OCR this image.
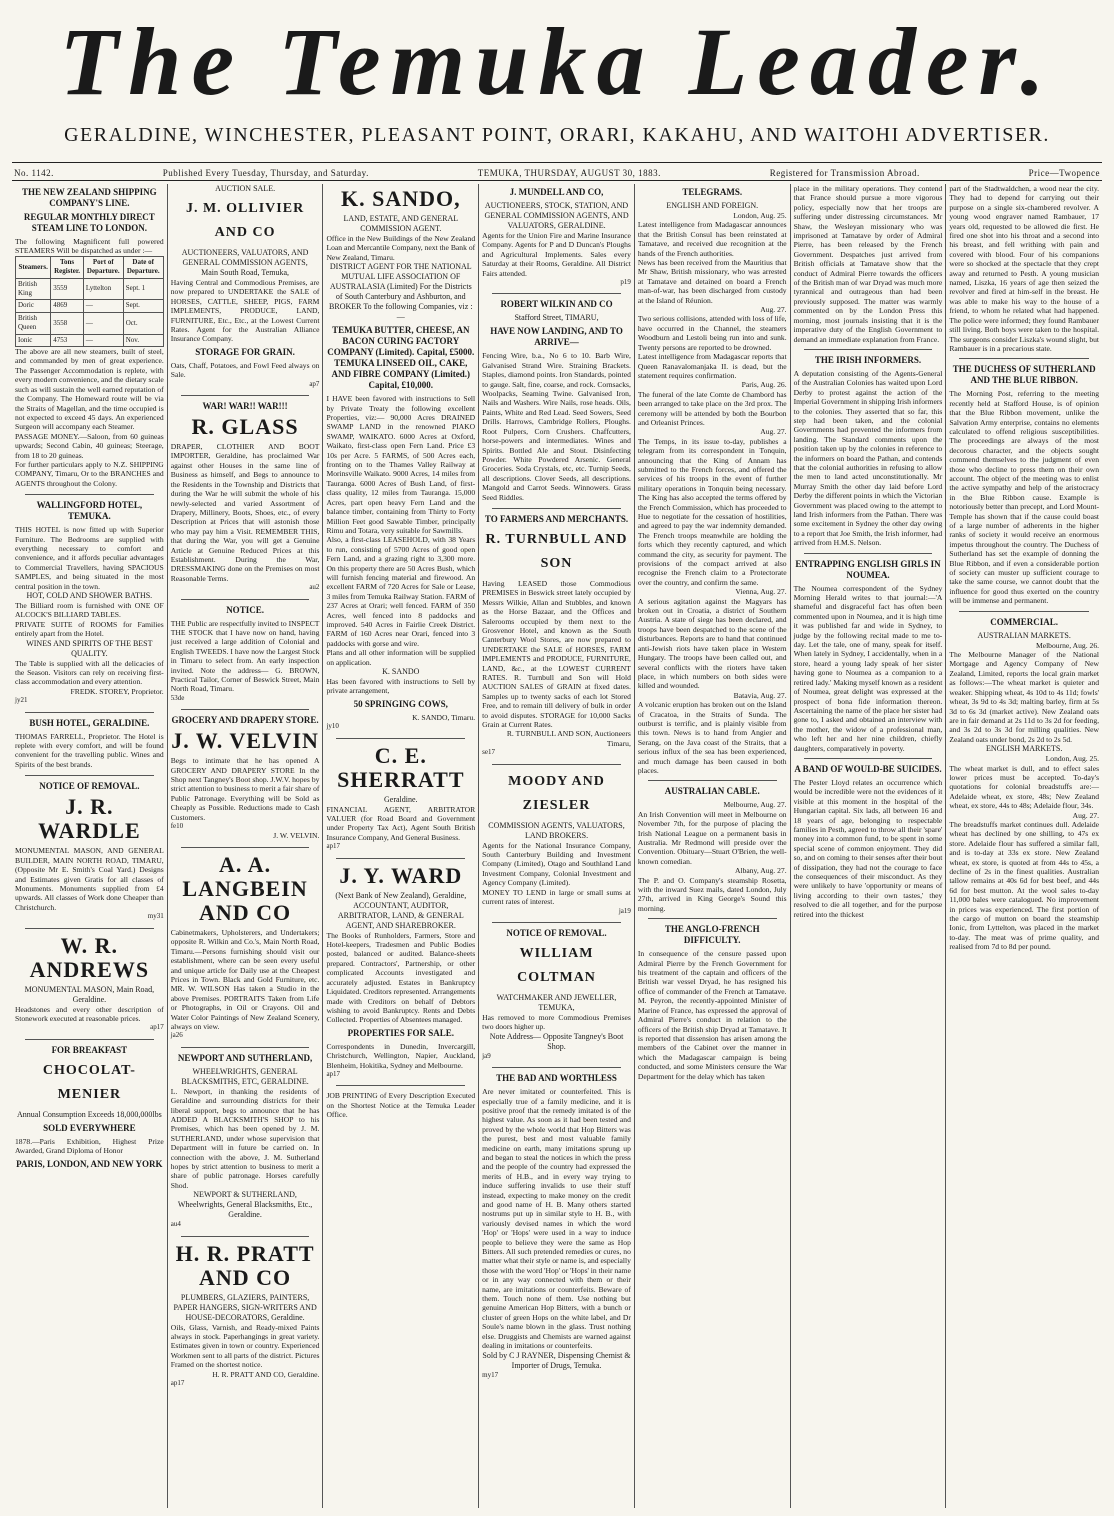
The Temuka Leader.
GERALDINE, WINCHESTER, PLEASANT POINT, ORARI, KAKAHU, AND WAITOHI ADVERTISER.
No. 1142.	Published Every Tuesday, Thursday, and Saturday.	TEMUKA, THURSDAY, AUGUST 30, 1883.	Registered for Transmission Abroad.	Price—Twopence
THE NEW ZEALAND SHIPPING COMPANY'S LINE.
REGULAR MONTHLY DIRECT STEAM LINE TO LONDON.
The following Magnificent full powered STEAMERS Will be dispatched as under :—
Steamers.	Tons Register.	Port of Departure.	Date of Departure.
British King	3559	Lyttelton	Sept. 1
Doric	4869	—	Sept.
British Queen	3558	—	Oct.
Ionic	4753	—	Nov.
The above are all new steamers, built of steel, and commanded by men of great experience. The Passenger Accommodation is replete, with every modern convenience, and the dietary scale such as will sustain the well earned reputation of the Company. The Homeward route will be via the Straits of Magellan, and the time occupied is not expected to exceed 45 days. An experienced Surgeon will accompany each Steamer.
PASSAGE MONEY.—Saloon, from 60 guineas upwards; Second Cabin, 40 guineas; Steerage, from 18 to 20 guineas.
For further particulars apply to N.Z. SHIPPING COMPANY, Timaru, Or to the BRANCHES and AGENTS throughout the Colony.
WALLINGFORD HOTEL, TEMUKA.
THIS HOTEL is now fitted up with Superior Furniture. The Bedrooms are supplied with everything necessary to comfort and convenience, and it affords peculiar advantages to Commercial Travellers, having SPACIOUS SAMPLES, and being situated in the most central position in the town.
HOT, COLD AND SHOWER BATHS.
The Billiard room is furnished with ONE OF ALCOCK'S BILLIARD TABLES.
PRIVATE SUITE of ROOMS for Families entirely apart from the Hotel.
WINES AND SPIRITS OF THE BEST QUALITY.
The Table is supplied with all the delicacies of the Season. Visitors can rely on receiving first-class accommodation and every attention.
FREDK. STOREY, Proprietor.
jy21
BUSH HOTEL, GERALDINE.
THOMAS FARRELL, Proprietor. The Hotel is replete with every comfort, and will be found convenient for the travelling public. Wines and Spirits of the best brands.
NOTICE OF REMOVAL.
J. R. WARDLE
MONUMENTAL MASON, AND GENERAL BUILDER, MAIN NORTH ROAD, TIMARU, (Opposite Mr E. Smith's Coal Yard.) Designs and Estimates given Gratis for all classes of Monuments. Monuments supplied from £4 upwards. All classes of Work done Cheaper than Christchurch.
my31
W. R. ANDREWS
MONUMENTAL MASON, Main Road, Geraldine.
Headstones and every other description of Stonework executed at reasonable prices.
ap17
FOR BREAKFAST
CHOCOLAT-MENIER
Annual Consumption Exceeds 18,000,000lbs
SOLD EVERYWHERE
1878.—Paris Exhibition, Highest Prize Awarded, Grand Diploma of Honor
PARIS, LONDON, AND NEW YORK
AUCTION SALE.
J. M. OLLIVIER AND CO
AUCTIONEERS, VALUATORS, AND GENERAL COMMISSION AGENTS,
Main South Road, Temuka,
Having Central and Commodious Premises, are now prepared to UNDERTAKE the SALE of HORSES, CATTLE, SHEEP, PIGS, FARM IMPLEMENTS, PRODUCE, LAND, FURNITURE, Etc., Etc., at the Lowest Current Rates. Agent for the Australian Alliance Insurance Company.
STORAGE FOR GRAIN.
Oats, Chaff, Potatoes, and Fowl Feed always on Sale.
ap7
WAR! WAR!! WAR!!!
R. GLASS
DRAPER, CLOTHIER AND BOOT IMPORTER, Geraldine, has proclaimed War against other Houses in the same line of Business as himself, and Begs to announce to the Residents in the Township and Districts that during the War he will submit the whole of his newly-selected and varied Assortment of Drapery, Millinery, Boots, Shoes, etc., of every Description at Prices that will astonish those who may pay him a Visit. REMEMBER THIS, that during the War, you will get a Genuine Article at Genuine Reduced Prices at this Establishment. During the War, DRESSMAKING done on the Premises on most Reasonable Terms.
au2
NOTICE.
THE Public are respectfully invited to INSPECT THE STOCK that I have now on hand, having just received a large addition of Colonial and English TWEEDS. I have now the Largest Stock in Timaru to select from. An early inspection invited. Note the address— G. BROWN, Practical Tailor, Corner of Beswick Street, Main North Road, Timaru.
53de
GROCERY AND DRAPERY STORE.
J. W. VELVIN
Begs to intimate that he has opened A GROCERY AND DRAPERY STORE In the Shop next Tangney's Boot shop. J.W.V. hopes by strict attention to business to merit a fair share of Public Patronage. Everything will be Sold as Cheaply as Possible. Reductions made to Cash Customers.
fe10
J. W. VELVIN.
A. A. LANGBEIN AND CO
Cabinetmakers, Upholsterers, and Undertakers; opposite R. Wilkin and Co.'s, Main North Road, Timaru.—Persons furnishing should visit our establishment, where can be seen every useful and unique article for Daily use at the Cheapest Prices in Town. Black and Gold Furniture, etc. MR. W. WILSON Has taken a Studio in the above Premises. PORTRAITS Taken from Life or Photographs, in Oil or Crayons. Oil and Water Color Paintings of New Zealand Scenery, always on view.
ja26
NEWPORT AND SUTHERLAND,
WHEELWRIGHTS, GENERAL BLACKSMITHS, ETC, GERALDINE.
L. Newport, in thanking the residents of Geraldine and surrounding districts for their liberal support, begs to announce that he has ADDED A BLACKSMITH'S SHOP to his Premises, which has been opened by J. M. SUTHERLAND, under whose supervision that Department will in future be carried on. In connection with the above, J. M. Sutherland hopes by strict attention to business to merit a share of public patronage. Horses carefully Shod.
NEWPORT & SUTHERLAND, Wheelwrights, General Blacksmiths, Etc., Geraldine.
au4
H. R. PRATT AND CO
PLUMBERS, GLAZIERS, PAINTERS, PAPER HANGERS, SIGN-WRITERS AND HOUSE-DECORATORS, Geraldine.
Oils, Glass, Varnish, and Ready-mixed Paints always in stock. Paperhangings in great variety. Estimates given in town or country. Experienced Workmen sent to all parts of the district. Pictures Framed on the shortest notice.
H. R. PRATT AND CO, Geraldine.
ap17
K. SANDO,
LAND, ESTATE, AND GENERAL COMMISSION AGENT.
Office in the New Buildings of the New Zealand Loan and Mercantile Company, next the Bank of New Zealand, Timaru.
DISTRICT AGENT FOR THE NATIONAL MUTUAL LIFE ASSOCIATION OF AUSTRALASIA (Limited) For the Districts of South Canterbury and Ashburton, and BROKER To the following Companies, viz :—
TEMUKA BUTTER, CHEESE, AN BACON CURING FACTORY COMPANY (Limited). Capital, £5000. TEMUKA LINSEED OIL, CAKE, AND FIBRE COMPANY (Limited.) Capital, £10,000.
I HAVE been favored with instructions to Sell by Private Treaty the following excellent Properties, viz:— 90,000 Acres DRAINED SWAMP LAND in the renowned PIAKO SWAMP, WAIKATO. 6000 Acres at Oxford, Waikato, first-class open Fern Land. Price £3 10s per Acre. 5 FARMS, of 500 Acres each, fronting on to the Thames Valley Railway at Morinsville Waikato. 9000 Acres, 14 miles from Tauranga. 6000 Acres of Bush Land, of first-class quality, 12 miles from Tauranga. 15,000 Acres, part open heavy Fern Land and the balance timber, containing from Thirty to Forty Million Feet good Sawable Timber, principally Rimu and Totara, very suitable for Sawmills.
Also, a first-class LEASEHOLD, with 38 Years to run, consisting of 5700 Acres of good open Fern Land, and a grazing right to 3,300 more. On this property there are 50 Acres Bush, which will furnish fencing material and firewood. An excellent FARM of 720 Acres for Sale or Lease, 3 miles from Temuka Railway Station. FARM of 237 Acres at Orari; well fenced. FARM of 350 Acres, well fenced into 8 paddocks and improved. 540 Acres in Fairlie Creek District. FARM of 160 Acres near Orari, fenced into 3 paddocks with gorse and wire.
Plans and all other information will be supplied on application.
K. SANDO
Has been favored with instructions to Sell by private arrangement,
50 SPRINGING COWS,
K. SANDO, Timaru.
jy10
C. E. SHERRATT
Geraldine.
FINANCIAL AGENT, ARBITRATOR VALUER (for Road Board and Government under Property Tax Act), Agent South British Insurance Company, And General Business.
ap17
J. Y. WARD
(Next Bank of New Zealand), Geraldine, ACCOUNTANT, AUDITOR, ARBITRATOR, LAND, & GENERAL AGENT, AND SHAREBROKER.
The Books of Runholders, Farmers, Store and Hotel-keepers, Tradesmen and Public Bodies posted, balanced or audited. Balance-sheets prepared. Contractors', Partnership, or other complicated Accounts investigated and accurately adjusted. Estates in Bankruptcy Liquidated. Creditors represented. Arrangements made with Creditors on behalf of Debtors wishing to avoid Bankruptcy. Rents and Debts Collected. Properties of Absentees managed.
PROPERTIES FOR SALE.
Correspondents in Dunedin, Invercargill, Christchurch, Wellington, Napier, Auckland, Blenheim, Hokitika, Sydney and Melbourne.
ap17
JOB PRINTING of Every Description Executed on the Shortest Notice at the Temuka Leader Office.
J. MUNDELL AND CO,
AUCTIONEERS, STOCK, STATION, AND GENERAL COMMISSION AGENTS, AND VALUATORS, GERALDINE.
Agents for the Union Fire and Marine Insurance Company. Agents for P and D Duncan's Ploughs and Agricultural Implements. Sales every Saturday at their Rooms, Geraldine. All District Fairs attended.
p19
ROBERT WILKIN AND CO
Stafford Street, TIMARU,
HAVE NOW LANDING, AND TO ARRIVE—
Fencing Wire, b.a., No 6 to 10. Barb Wire, Galvanised Strand Wire. Straining Brackets. Staples, diamond points. Iron Standards, pointed to gauge. Salt, fine, coarse, and rock. Cornsacks, Woolpacks, Seaming Twine. Galvanised Iron, Nails and Washers. Wire Nails, rose heads. Oils, Paints, White and Red Lead. Seed Sowers, Seed Drills. Harrows, Cambridge Rollers, Ploughs. Root Pulpers, Corn Crushers. Chaffcutters, horse-powers and intermediates. Wines and Spirits. Bottled Ale and Stout. Disinfecting Powder. White Powdered Arsenic. General Groceries. Soda Crystals, etc, etc. Turnip Seeds, all descriptions. Clover Seeds, all descriptions. Mangold and Carrot Seeds. Winnowers. Grass Seed Riddles.
TO FARMERS AND MERCHANTS.
R. TURNBULL AND SON
Having LEASED those Commodious PREMISES in Beswick street lately occupied by Messrs Wilkie, Allan and Stubbles, and known as the Horse Bazaar, and the Offices and Salerooms occupied by them next to the Grosvenor Hotel, and known as the South Canterbury Wool Stores, are now prepared to UNDERTAKE the SALE of HORSES, FARM IMPLEMENTS and PRODUCE, FURNITURE, LAND, &c., at the LOWEST CURRENT RATES. R. Turnbull and Son will Hold AUCTION SALES of GRAIN at fixed dates. Samples up to twenty sacks of each lot Stored Free, and to remain till delivery of bulk in order to avoid disputes. STORAGE for 10,000 Sacks Grain at Current Rates.
R. TURNBULL AND SON, Auctioneers Timaru,
se17
MOODY AND ZIESLER
COMMISSION AGENTS, VALUATORS, LAND BROKERS.
Agents for the National Insurance Company, South Canterbury Building and Investment Company (Limited), Otago and Southland Land Investment Company, Colonial Investment and Agency Company (Limited).
MONEY TO LEND in large or small sums at current rates of interest.
ja19
NOTICE OF REMOVAL.
WILLIAM COLTMAN
WATCHMAKER AND JEWELLER, TEMUKA,
Has removed to more Commodious Premises two doors higher up.
Note Address— Opposite Tangney's Boot Shop.
ja9
THE BAD AND WORTHLESS
Are never imitated or counterfeited. This is especially true of a family medicine, and it is positive proof that the remedy imitated is of the highest value. As soon as it had been tested and proved by the whole world that Hop Bitters was the purest, best and most valuable family medicine on earth, many imitations sprung up and began to steal the notices in which the press and the people of the country had expressed the merits of H.B., and in every way trying to induce suffering invalids to use their stuff instead, expecting to make money on the credit and good name of H. B. Many others started nostrums put up in similar style to H. B., with variously devised names in which the word 'Hop' or 'Hops' were used in a way to induce people to believe they were the same as Hop Bitters. All such pretended remedies or cures, no matter what their style or name is, and especially those with the word 'Hop' or 'Hops' in their name or in any way connected with them or their name, are imitations or counterfeits. Beware of them. Touch none of them. Use nothing but genuine American Hop Bitters, with a bunch or cluster of green Hops on the white label, and Dr Soule's name blown in the glass. Trust nothing else. Druggists and Chemists are warned against dealing in imitations or counterfeits.
Sold by C J RAYNER, Dispensing Chemist & Importer of Drugs, Temuka.
my17
TELEGRAMS.
ENGLISH AND FOREIGN.
London, Aug. 25.
Latest intelligence from Madagascar announces that the British Consul has been reinstated at Tamatave, and received due recognition at the hands of the French authorities.
News has been received from the Mauritius that Mr Shaw, British missionary, who was arrested at Tamatave and detained on board a French man-of-war, has been discharged from custody at the Island of Réunion.
Aug. 27.
Two serious collisions, attended with loss of life, have occurred in the Channel, the steamers Woodburn and Lestoli being run into and sunk. Twenty persons are reported to be drowned.
Latest intelligence from Madagascar reports that Queen Ranavalomanjaka II. is dead, but the statement requires confirmation.
Paris, Aug. 26.
The funeral of the late Comte de Chambord has been arranged to take place on the 3rd prox. The ceremony will be attended by both the Bourbon and Orleanist Princes.
Aug. 27.
The Temps, in its issue to-day, publishes a telegram from its correspondent in Tonquin, announcing that the King of Annam has submitted to the French forces, and offered the services of his troops in the event of further military operations in Tonquin being necessary. The King has also accepted the terms offered by the French Commission, which has proceeded to Hue to negotiate for the cessation of hostilities, and agreed to pay the war indemnity demanded. The French troops meanwhile are holding the forts which they recently captured, and which command the city, as security for payment. The provisions of the compact arrived at also recognise the French claim to a Protectorate over the country, and confirm the same.
Vienna, Aug. 27.
A serious agitation against the Magyars has broken out in Croatia, a district of Southern Austria. A state of siege has been declared, and troops have been despatched to the scene of the disturbances. Reports are to hand that continued anti-Jewish riots have taken place in Western Hungary. The troops have been called out, and several conflicts with the rioters have taken place, in which numbers on both sides were killed and wounded.
Batavia, Aug. 27.
A volcanic eruption has broken out on the Island of Cracatoa, in the Straits of Sunda. The outburst is terrific, and is plainly visible from this town. News is to hand from Angier and Serang, on the Java coast of the Straits, that a serious influx of the sea has been experienced, and much damage has been caused in both places.
AUSTRALIAN CABLE.
Melbourne, Aug. 27.
An Irish Convention will meet in Melbourne on November 7th, for the purpose of placing the Irish National League on a permanent basis in Australia. Mr Redmond will preside over the Convention. Obituary—Stuart O'Brien, the well-known comedian.
Albany, Aug. 27.
The P. and O. Company's steamship Rosetta, with the inward Suez mails, dated London, July 27th, arrived in King George's Sound this morning.
THE ANGLO-FRENCH DIFFICULTY.
In consequence of the censure passed upon Admiral Pierre by the French Government for his treatment of the captain and officers of the British war vessel Dryad, he has resigned his office of commander of the French at Tamatave. M. Peyron, the recently-appointed Minister of Marine of France, has expressed the approval of Admiral Pierre's conduct in relation to the officers of the British ship Dryad at Tamatave. It is reported that dissension has arisen among the members of the Cabinet over the manner in which the Madagascar campaign is being conducted, and some Ministers censure the War Department for the delay which has taken
place in the military operations. They contend that France should pursue a more vigorous policy, especially now that her troops are suffering under distressing circumstances. Mr Shaw, the Wesleyan missionary who was imprisoned at Tamatave by order of Admiral Pierre, has been released by the French Government. Despatches just arrived from British officials at Tamatave show that the conduct of Admiral Pierre towards the officers of the British man of war Dryad was much more tyrannical and outrageous than had been previously supposed. The matter was warmly commented on by the London Press this morning, most journals insisting that it is the imperative duty of the English Government to demand an immediate explanation from France.
THE IRISH INFORMERS.
A deputation consisting of the Agents-General of the Australian Colonies has waited upon Lord Derby to protest against the action of the Imperial Government in shipping Irish informers to the colonies. They asserted that so far, this step had been taken, and the colonial Governments had prevented the informers from landing. The Standard comments upon the position taken up by the colonies in reference to the informers on board the Pathan, and contends that the colonial authorities in refusing to allow the men to land acted unconstitutionally. Mr Murray Smith the other day laid before Lord Derby the different points in which the Victorian Government was placed owing to the attempt to land Irish informers from the Pathan. There was some excitement in Sydney the other day owing to a report that Joe Smith, the Irish informer, had arrived from H.M.S. Nelson.
ENTRAPPING ENGLISH GIRLS IN NOUMEA.
The Noumea correspondent of the Sydney Morning Herald writes to that journal:—'A shameful and disgraceful fact has often been commented upon in Noumea, and it is high time it was published far and wide in Sydney, to judge by the following recital made to me to-day. Let the tale, one of many, speak for itself. When lately in Sydney, I accidentally, when in a store, heard a young lady speak of her sister having gone to Noumea as a companion to a retired lady.' Making myself known as a resident of Noumea, great delight was expressed at the prospect of bona fide information thereon. Ascertaining the name of the place her sister had gone to, I asked and obtained an interview with the mother, the widow of a professional man, who left her and her nine children, chiefly daughters, comparatively in poverty.
A BAND OF WOULD-BE SUICIDES.
The Pester Lloyd relates an occurrence which would be incredible were not the evidences of it visible at this moment in the hospital of the Hungarian capital. Six lads, all between 16 and 18 years of age, belonging to respectable families in Pesth, agreed to throw all their 'spare' money into a common fund, to be spent in some special scene of common enjoyment. They did so, and on coming to their senses after their bout of dissipation, they had not the courage to face the consequences of their misconduct. As they were unlikely to have 'opportunity or means of living according to their own tastes,' they resolved to die all together, and for the purpose retired into the thickest
part of the Stadtwaldchen, a wood near the city. They had to depend for carrying out their purpose on a single six-chambered revolver. A young wood engraver named Rambauer, 17 years old, requested to be allowed die first. He fired one shot into his throat and a second into his breast, and fell writhing with pain and covered with blood. Four of his companions were so shocked at the spectacle that they crept away and returned to Pesth. A young musician named, Liszka, 16 years of age then seized the revolver and fired at him-self in the breast. He was able to make his way to the house of a friend, to whom he related what had happened. The police were informed; they found Rambauer still living. Both boys were taken to the hospital. The surgeons consider Liszka's wound slight, but Rambauer is in a precarious state.
THE DUCHESS OF SUTHERLAND AND THE BLUE RIBBON.
The Morning Post, referring to the meeting recently held at Stafford House, is of opinion that the Blue Ribbon movement, unlike the Salvation Army enterprise, contains no elements calculated to offend religious susceptibilities. The proceedings are always of the most decorous character, and the objects sought commend themselves to the judgment of even those who decline to press them on their own account. The object of the meeting was to enlist the active sympathy and help of the aristocracy in the Blue Ribbon cause. Example is notoriously better than precept, and Lord Mount-Temple has shown that if the cause could boast of a large number of adherents in the higher ranks of society it would receive an enormous impetus throughout the country. The Duchess of Sutherland has set the example of donning the Blue Ribbon, and if even a considerable portion of society can muster up sufficient courage to take the same course, we cannot doubt that the influence for good thus exerted on the country will be immense and permanent.
COMMERCIAL.
AUSTRALIAN MARKETS.
Melbourne, Aug. 26.
The Melbourne Manager of the National Mortgage and Agency Company of New Zealand, Limited, reports the local grain market as follows:—The wheat market is quieter and weaker. Shipping wheat, 4s 10d to 4s 11d; fowls' wheat, 3s 9d to 4s 3d; malting barley, firm at 5s 3d to 6s 3d (market active). New Zealand oats are in fair demand at 2s 11d to 3s 2d for feeding, and 3s 2d to 3s 3d for milling qualities. New Zealand oats under bond, 2s 2d to 2s 5d.
ENGLISH MARKETS.
London, Aug. 25.
The wheat market is dull, and to effect sales lower prices must be accepted. To-day's quotations for colonial breadstuffs are:—Adelaide wheat, ex store, 48s; New Zealand wheat, ex store, 44s to 48s; Adelaide flour, 34s.
Aug. 27.
The breadstuffs market continues dull. Adelaide wheat has declined by one shilling, to 47s ex store. Adelaide flour has suffered a similar fall, and is to-day at 33s ex store. New Zealand wheat, ex store, is quoted at from 44s to 45s, a decline of 2s in the finest qualities. Australian tallow remains at 40s 6d for best beef, and 44s 6d for best mutton. At the wool sales to-day 11,000 bales were catalogued. No improvement in prices was experienced. The first portion of the cargo of mutton on board the steamship Ionic, from Lyttelton, was placed in the market to-day. The meat was of prime quality, and realised from 7d to 8d per pound.
